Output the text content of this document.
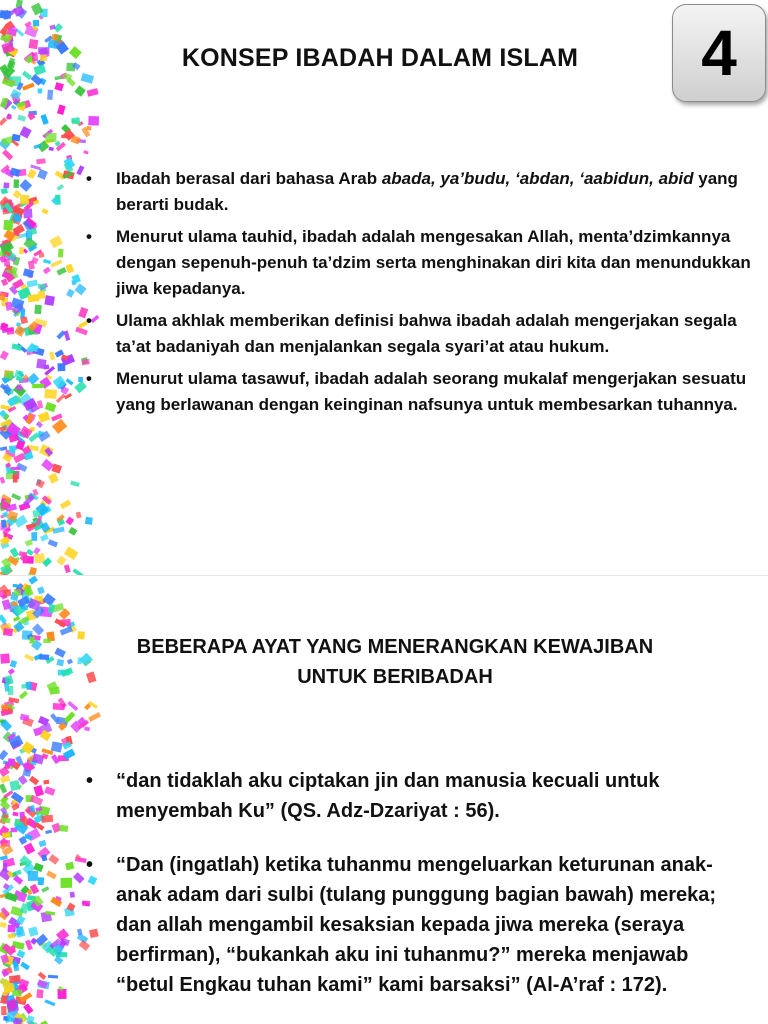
KONSEP IBADAH DALAM ISLAM	4
• Ibadah berasal dari bahasa Arab abada, ya’budu, ‘abdan, ‘aabidun, abid yang berarti budak.
• Menurut ulama tauhid, ibadah adalah mengesakan Allah, menta’dzimkannya dengan sepenuh-penuh ta’dzim serta menghinakan diri kita dan menundukkan jiwa kepadanya.
• Ulama akhlak memberikan definisi bahwa ibadah adalah mengerjakan segala ta’at badaniyah dan menjalankan segala syari’at atau hukum.
• Menurut ulama tasawuf, ibadah adalah seorang mukalaf mengerjakan sesuatu yang berlawanan dengan keinginan nafsunya untuk membesarkan tuhannya.
BEBERAPA AYAT YANG MENERANGKAN KEWAJIBAN UNTUK BERIBADAH
• “dan tidaklah aku ciptakan jin dan manusia kecuali untuk menyembah Ku” (QS. Adz-Dzariyat : 56).
• “Dan (ingatlah) ketika tuhanmu mengeluarkan keturunan anak-anak adam dari sulbi (tulang punggung bagian bawah) mereka; dan allah mengambil kesaksian kepada jiwa mereka (seraya berfirman), “bukankah aku ini tuhanmu?” mereka menjawab “betul Engkau tuhan kami” kami barsaksi” (Al-A’raf : 172).
